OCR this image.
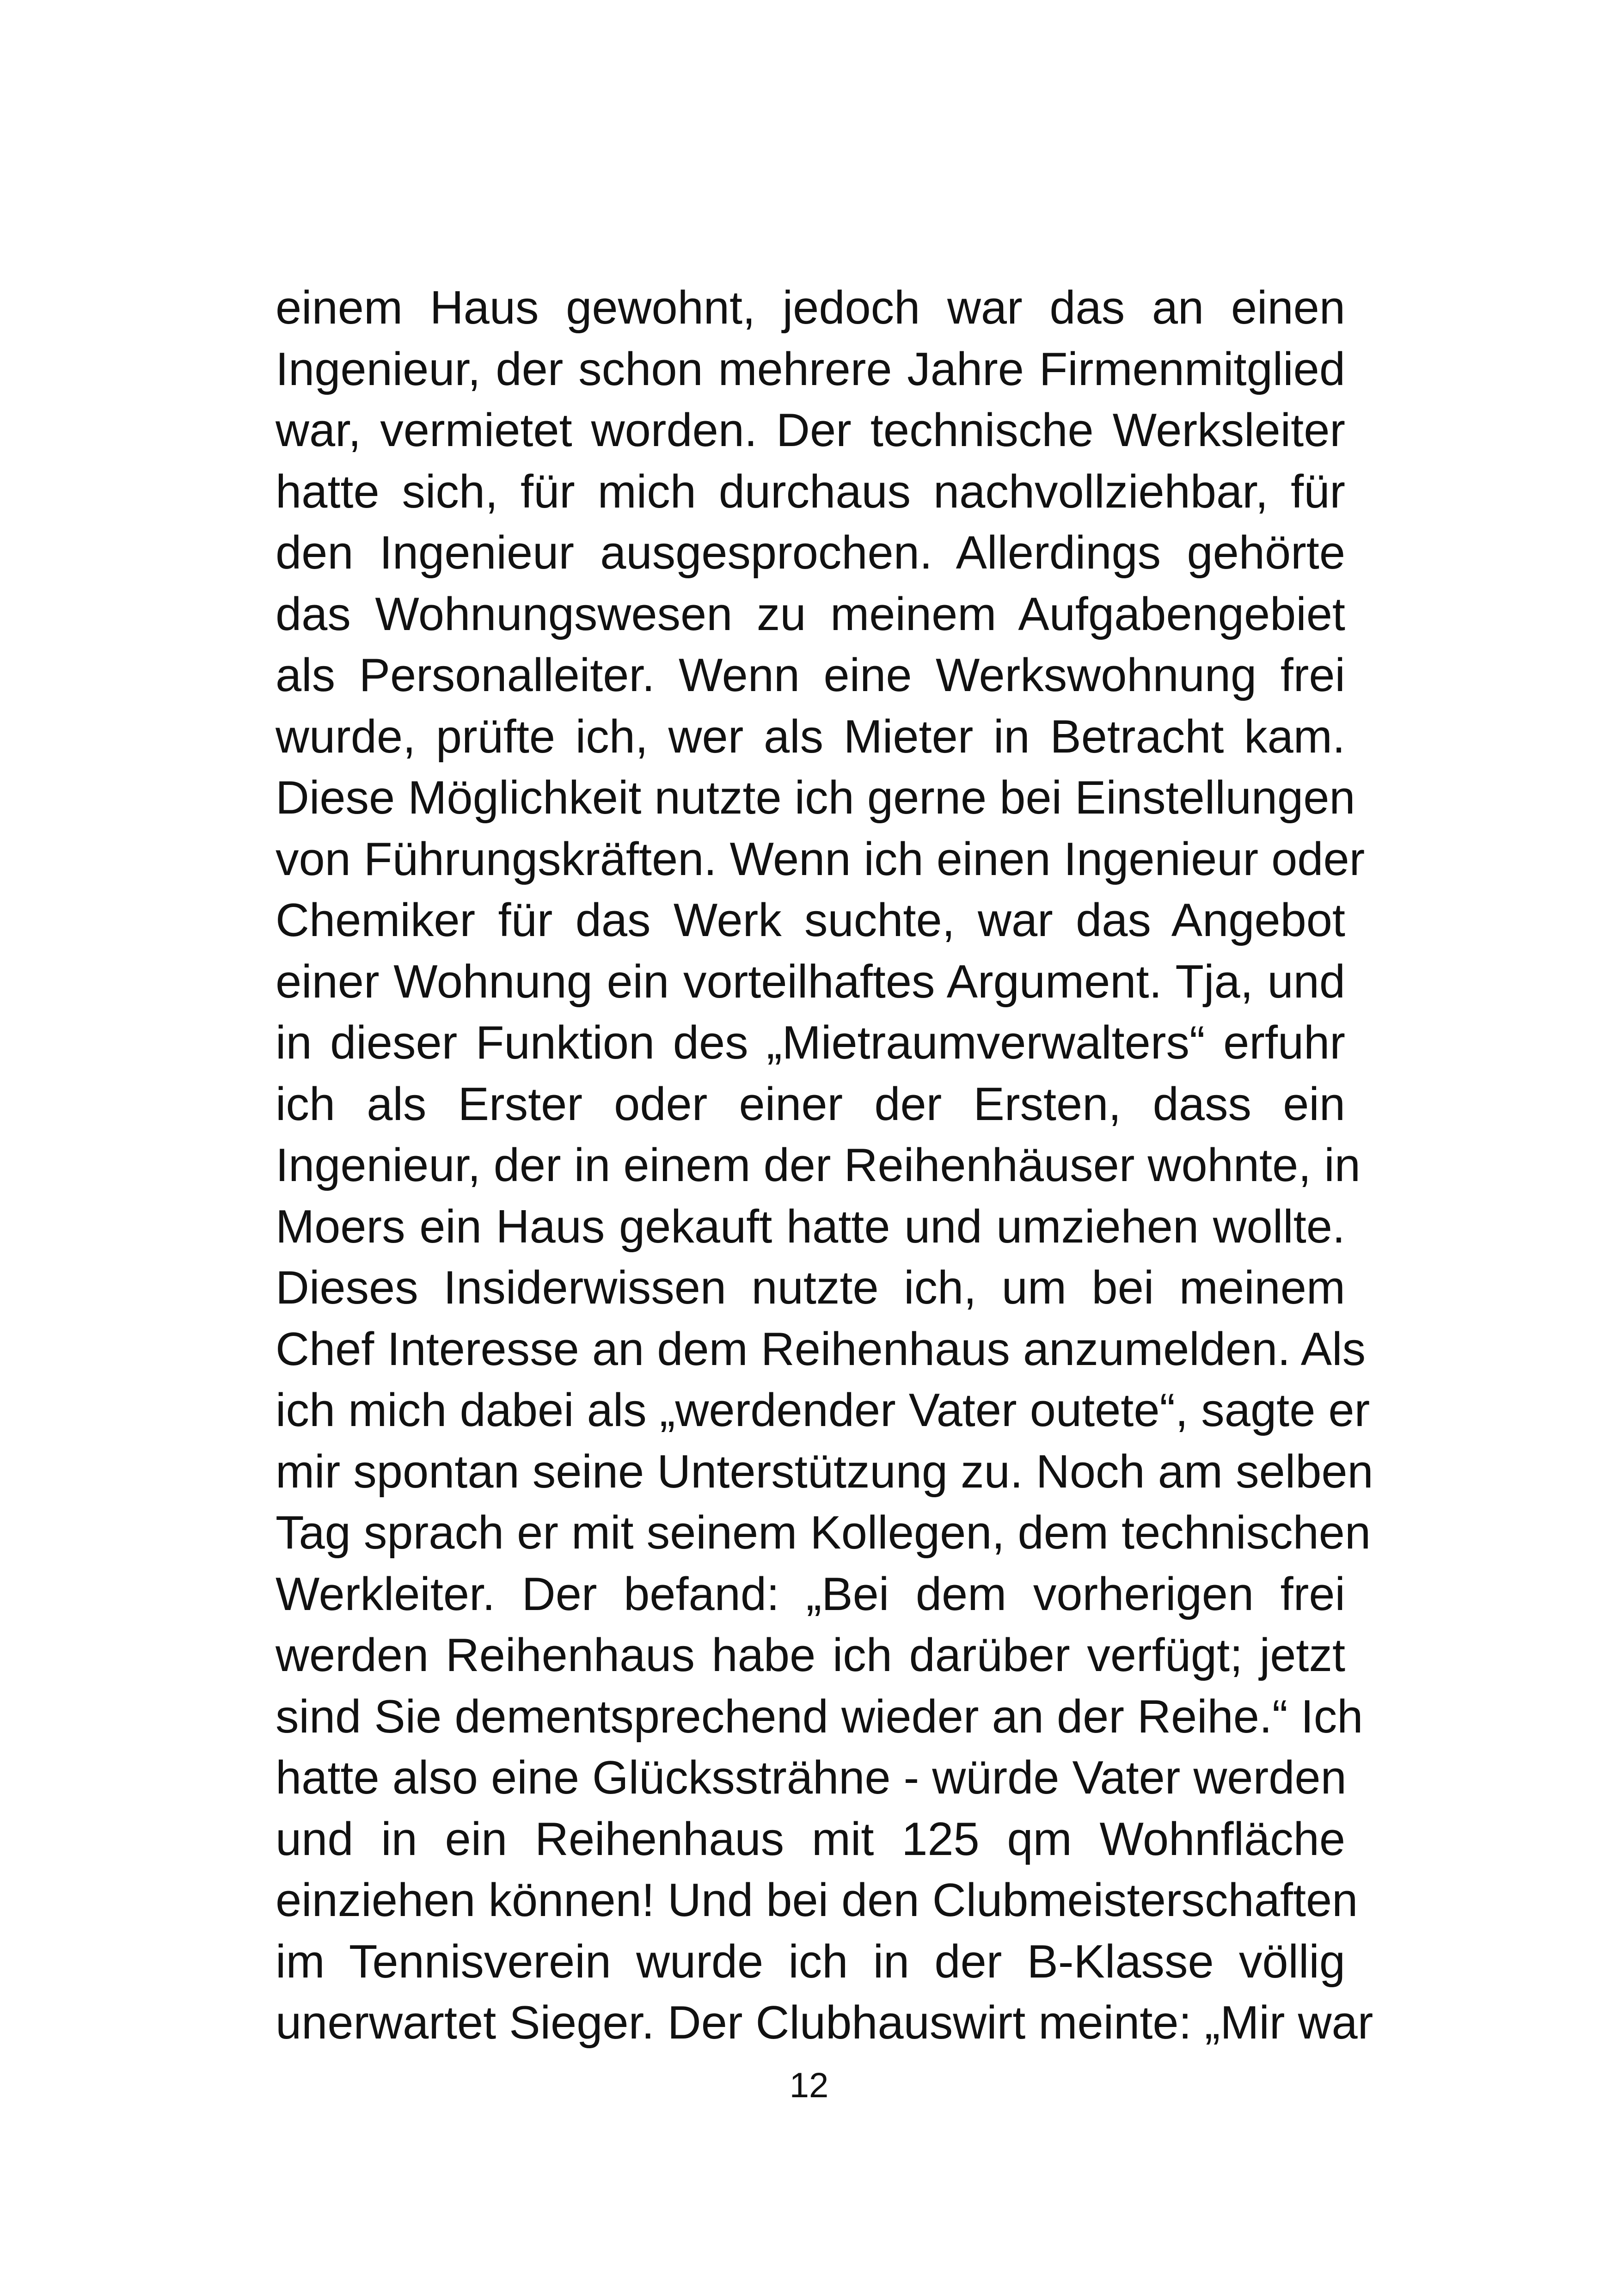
einem Haus gewohnt, jedoch war das an einen
Ingenieur, der schon mehrere Jahre Firmenmitglied
war, vermietet worden. Der technische Werksleiter
hatte sich, für mich durchaus nachvollziehbar, für
den Ingenieur ausgesprochen. Allerdings gehörte
das Wohnungswesen zu meinem Aufgabengebiet
als Personalleiter. Wenn eine Werkswohnung frei
wurde, prüfte ich, wer als Mieter in Betracht kam.
Diese Möglichkeit nutzte ich gerne bei Einstellungen
von Führungskräften. Wenn ich einen Ingenieur oder
Chemiker für das Werk suchte, war das Angebot
einer Wohnung ein vorteilhaftes Argument. Tja, und
in dieser Funktion des „Mietraumverwalters“ erfuhr
ich als Erster oder einer der Ersten, dass ein
Ingenieur, der in einem der Reihenhäuser wohnte, in
Moers ein Haus gekauft hatte und umziehen wollte.
Dieses Insiderwissen nutzte ich, um bei meinem
Chef Interesse an dem Reihenhaus anzumelden. Als
ich mich dabei als „werdender Vater outete“, sagte er
mir spontan seine Unterstützung zu. Noch am selben
Tag sprach er mit seinem Kollegen, dem technischen
Werkleiter. Der befand: „Bei dem vorherigen frei
werden Reihenhaus habe ich darüber verfügt; jetzt
sind Sie dementsprechend wieder an der Reihe.“ Ich
hatte also eine Glückssträhne - würde Vater werden
und in ein Reihenhaus mit 125 qm Wohnfläche
einziehen können! Und bei den Clubmeisterschaften
im Tennisverein wurde ich in der B-Klasse völlig
unerwartet Sieger. Der Clubhauswirt meinte: „Mir war
12
